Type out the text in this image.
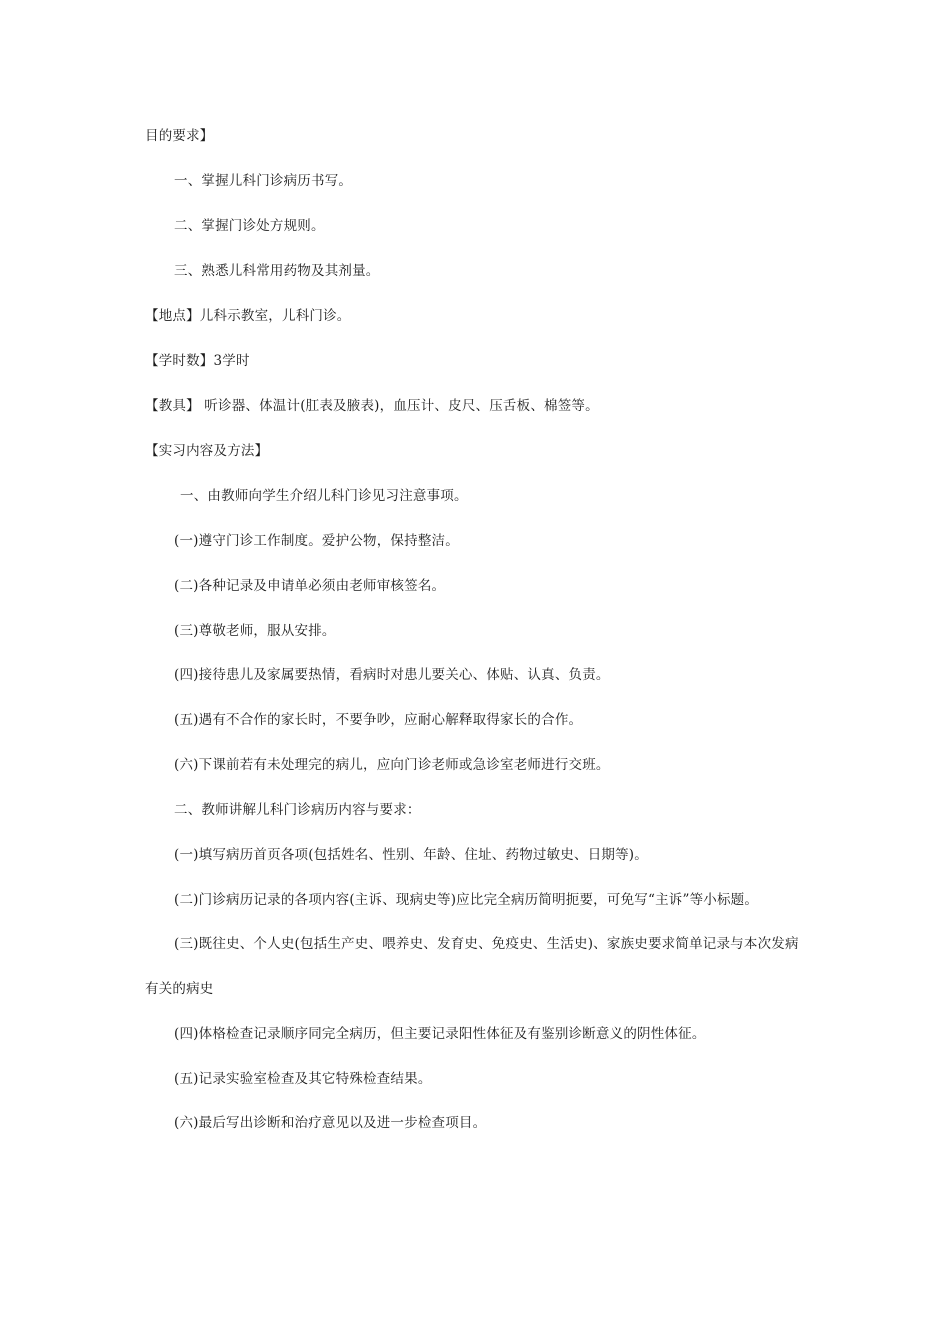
目的要求】
一、掌握儿科门诊病历书写。
二、掌握门诊处方规则。
三、熟悉儿科常用药物及其剂量。
【地点】儿科示教室，儿科门诊。
【学时数】3学时
【教具】 听诊器、体温计(肛表及腋表)，血压计、皮尺、压舌板、棉签等。
【实习内容及方法】
一、由教师向学生介绍儿科门诊见习注意事项。
(一)遵守门诊工作制度。爱护公物，保持整洁。
(二)各种记录及申请单必须由老师审核签名。
(三)尊敬老师，服从安排。
(四)接待患儿及家属要热情，看病时对患儿要关心、体贴、认真、负责。
(五)遇有不合作的家长时，不要争吵，应耐心解释取得家长的合作。
(六)下课前若有未处理完的病儿，应向门诊老师或急诊室老师进行交班。
二、教师讲解儿科门诊病历内容与要求：
(一)填写病历首页各项(包括姓名、性别、年龄、住址、药物过敏史、日期等)。
(二)门诊病历记录的各项内容(主诉、现病史等)应比完全病历简明扼要，可免写“主诉”等小标题。
(三)既往史、个人史(包括生产史、喂养史、发育史、免疫史、生活史)、家族史要求简单记录与本次发病
有关的病史
(四)体格检查记录顺序同完全病历，但主要记录阳性体征及有鉴别诊断意义的阴性体征。
(五)记录实验室检查及其它特殊检查结果。
(六)最后写出诊断和治疗意见以及进一步检查项目。
